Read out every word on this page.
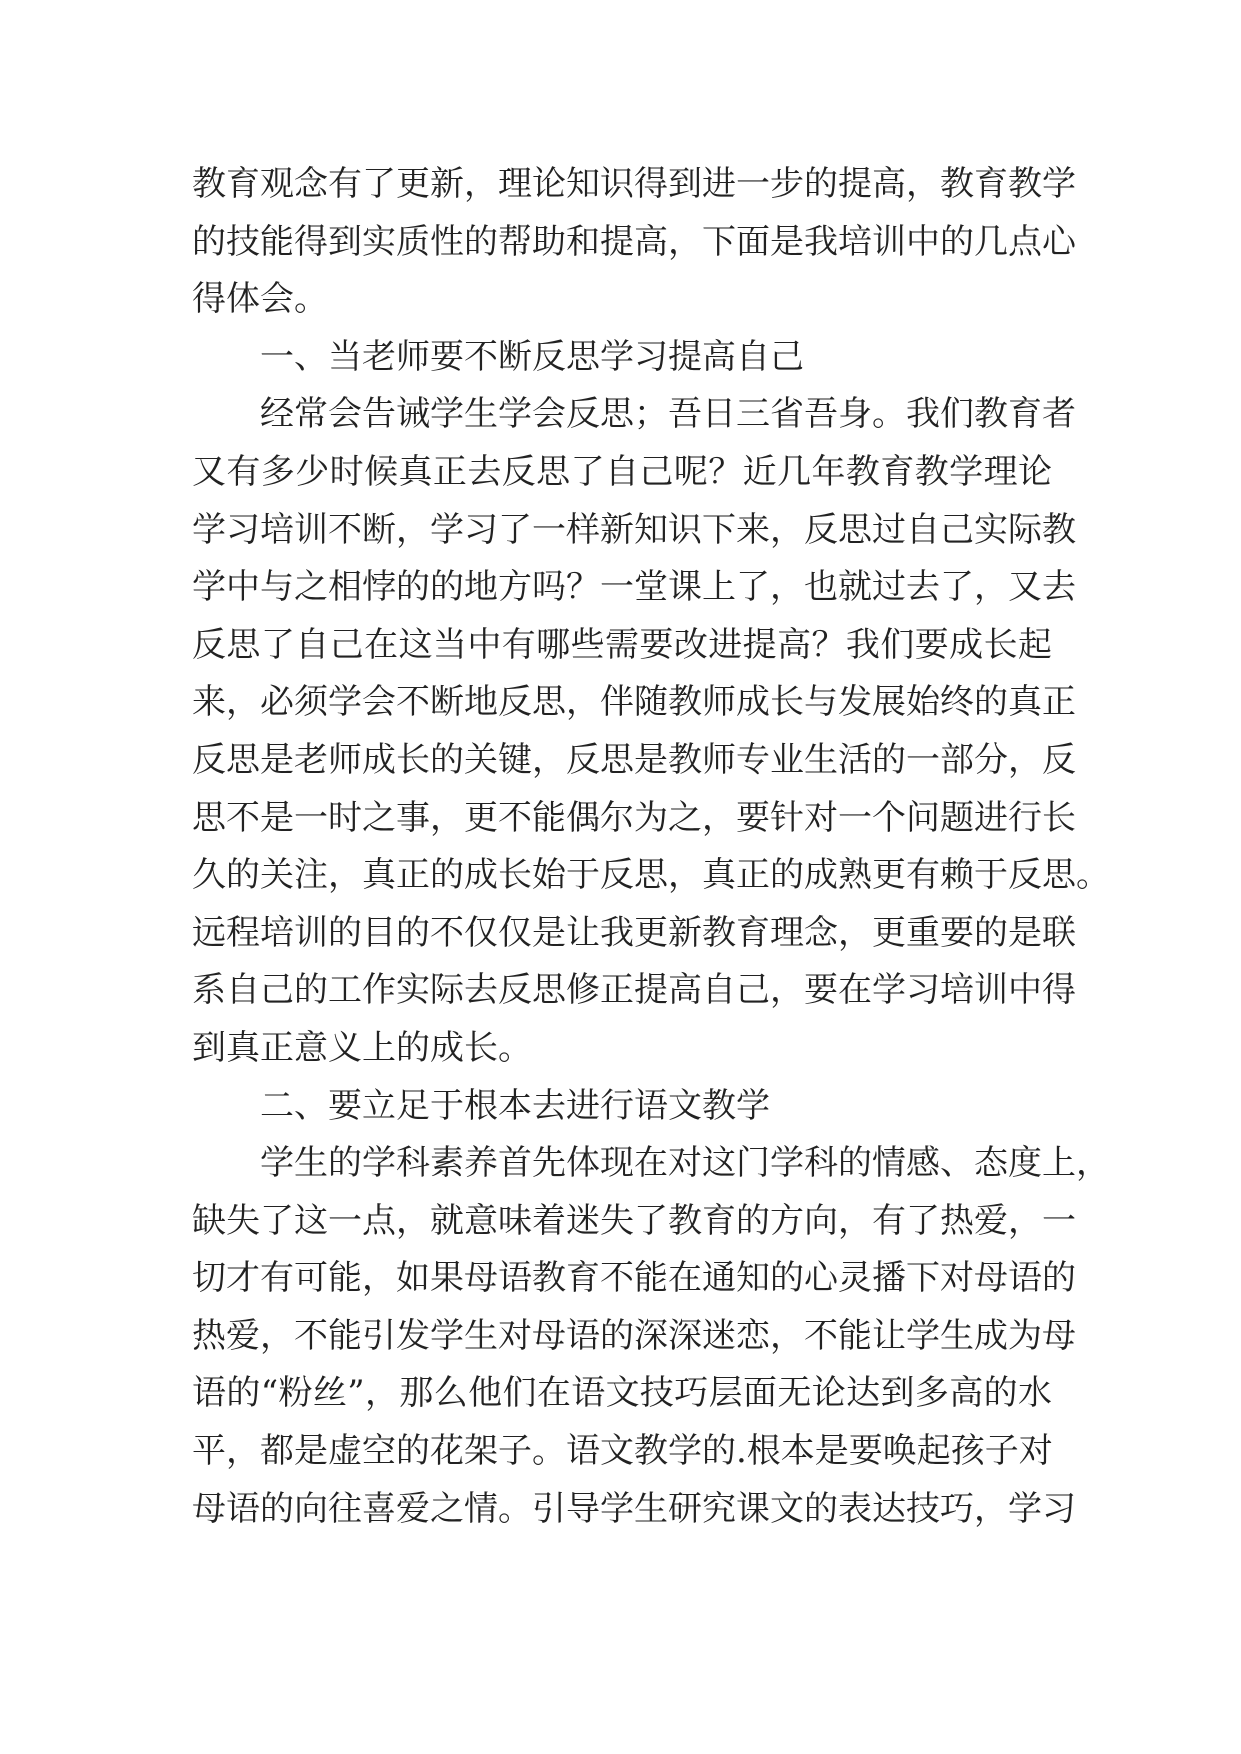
教育观念有了更新，理论知识得到进一步的提高，教育教学
的技能得到实质性的帮助和提高，下面是我培训中的几点心
得体会。
一、当老师要不断反思学习提高自己
经常会告诫学生学会反思；吾日三省吾身。我们教育者
又有多少时候真正去反思了自己呢？近几年教育教学理论
学习培训不断，学习了一样新知识下来，反思过自己实际教
学中与之相悖的的地方吗？一堂课上了，也就过去了，又去
反思了自己在这当中有哪些需要改进提高？我们要成长起
来，必须学会不断地反思，伴随教师成长与发展始终的真正
反思是老师成长的关键，反思是教师专业生活的一部分，反
思不是一时之事，更不能偶尔为之，要针对一个问题进行长
久的关注，真正的成长始于反思，真正的成熟更有赖于反思。
远程培训的目的不仅仅是让我更新教育理念，更重要的是联
系自己的工作实际去反思修正提高自己，要在学习培训中得
到真正意义上的成长。
二、要立足于根本去进行语文教学
学生的学科素养首先体现在对这门学科的情感、态度上，
缺失了这一点，就意味着迷失了教育的方向，有了热爱，一
切才有可能，如果母语教育不能在通知的心灵播下对母语的
热爱，不能引发学生对母语的深深迷恋，不能让学生成为母
语的“粉丝”，那么他们在语文技巧层面无论达到多高的水
平，都是虚空的花架子。语文教学的.根本是要唤起孩子对
母语的向往喜爱之情。引导学生研究课文的表达技巧，学习
